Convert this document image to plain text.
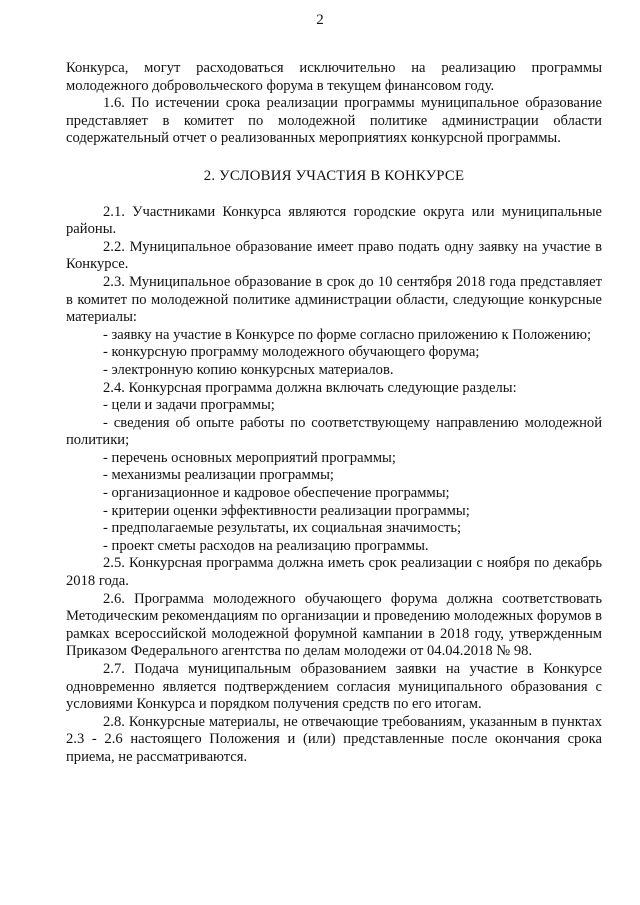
2

Конкурса, могут расходоваться исключительно на реализацию программы молодежного добровольческого форума в текущем финансовом году.

1.6. По истечении срока реализации программы муниципальное образование представляет в комитет по молодежной политике администрации области содержательный отчет о реализованных мероприятиях конкурсной программы.

2. УСЛОВИЯ УЧАСТИЯ В КОНКУРСЕ

2.1. Участниками Конкурса являются городские округа или муниципальные районы.

2.2. Муниципальное образование имеет право подать одну заявку на участие в Конкурсе.

2.3. Муниципальное образование в срок до 10 сентября 2018 года представляет в комитет по молодежной политике администрации области, следующие конкурсные материалы:

- заявку на участие в Конкурсе по форме согласно приложению к Положению;

- конкурсную программу молодежного обучающего форума;

- электронную копию конкурсных материалов.

2.4. Конкурсная программа должна включать следующие разделы:

- цели и задачи программы;

- сведения об опыте работы по соответствующему направлению молодежной политики;

- перечень основных мероприятий программы;

- механизмы реализации программы;

- организационное и кадровое обеспечение программы;

- критерии оценки эффективности реализации программы;

- предполагаемые результаты, их социальная значимость;

- проект сметы расходов на реализацию программы.

2.5. Конкурсная программа должна иметь срок реализации с ноября по декабрь 2018 года.

2.6. Программа молодежного обучающего форума должна соответствовать Методическим рекомендациям по организации и проведению молодежных форумов в рамках всероссийской молодежной форумной кампании в 2018 году, утвержденным Приказом Федерального агентства по делам молодежи от 04.04.2018 № 98.

2.7. Подача муниципальным образованием заявки на участие в Конкурсе одновременно является подтверждением согласия муниципального образования с условиями Конкурса и порядком получения средств по его итогам.

2.8. Конкурсные материалы, не отвечающие требованиям, указанным в пунктах 2.3 - 2.6 настоящего Положения и (или) представленные после окончания срока приема, не рассматриваются.
